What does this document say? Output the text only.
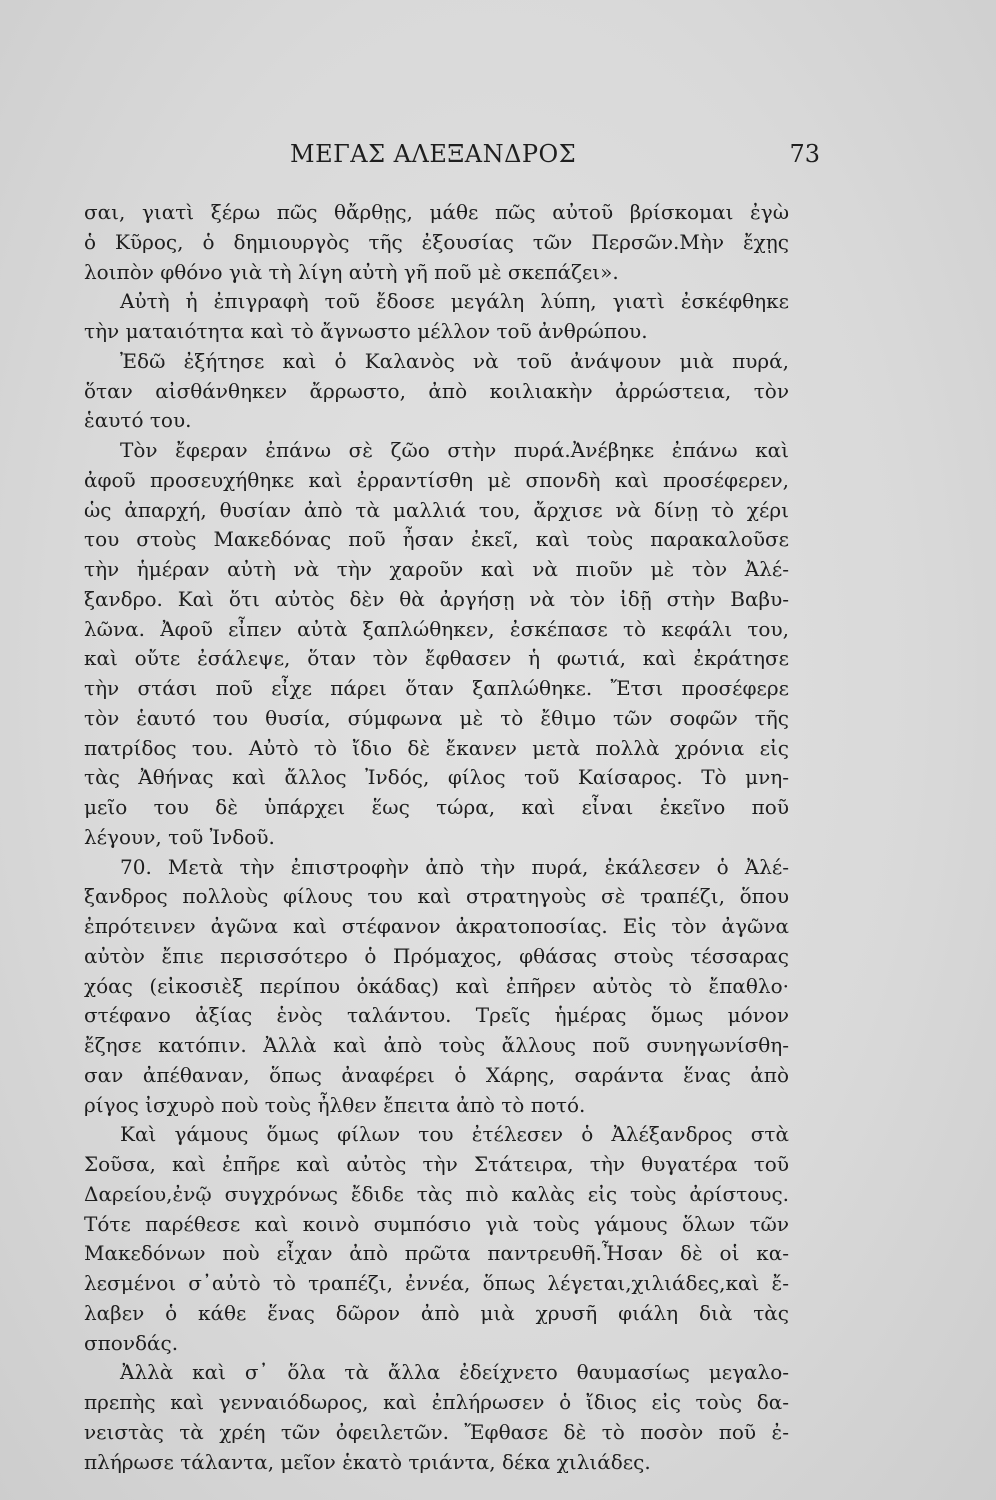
ΜΕΓΑΣ ΑΛΕΞΑΝΔΡΟΣ	73
σαι, γιατὶ ξέρω πῶς θἄρθῃς, μάθε πῶς αὐτοῦ βρίσκομαι ἐγὼ
ὁ Κῦρος, ὁ δημιουργὸς τῆς ἐξουσίας τῶν Περσῶν.Μὴν ἔχῃς
λοιπὸν φθόνο γιὰ τὴ λίγη αὐτὴ γῆ ποῦ μὲ σκεπάζει».
Αὐτὴ ἡ ἐπιγραφὴ τοῦ ἔδοσε μεγάλη λύπη, γιατὶ ἐσκέφθηκε
τὴν ματαιότητα καὶ τὸ ἄγνωστο μέλλον τοῦ ἀνθρώπου.
Ἐδῶ ἐξήτησε καὶ ὁ Καλανὸς νὰ τοῦ ἀνάψουν μιὰ πυρά,
ὅταν αἰσθάνθηκεν ἄρρωστο, ἀπὸ κοιλιακὴν ἀρρώστεια, τὸν
ἑαυτό του.
Τὸν ἔφεραν ἐπάνω σὲ ζῶο στὴν πυρά.Ἀνέβηκε ἐπάνω καὶ
ἀφοῦ προσευχήθηκε καὶ ἐρραντίσθη μὲ σπονδὴ καὶ προσέφερεν,
ὡς ἀπαρχή, θυσίαν ἀπὸ τὰ μαλλιά του, ἄρχισε νὰ δίνῃ τὸ χέρι
του στοὺς Μακεδόνας ποῦ ἦσαν ἐκεῖ, καὶ τοὺς παρακαλοῦσε
τὴν ἡμέραν αὐτὴ νὰ τὴν χαροῦν καὶ νὰ πιοῦν μὲ τὸν Ἀλέ-
ξανδρο. Καὶ ὅτι αὐτὸς δὲν θὰ ἀργήσῃ νὰ τὸν ἰδῇ στὴν Βαβυ-
λῶνα. Ἀφοῦ εἶπεν αὐτὰ ξαπλώθηκεν, ἐσκέπασε τὸ κεφάλι του,
καὶ οὔτε ἐσάλεψε, ὅταν τὸν ἔφθασεν ἡ φωτιά, καὶ ἐκράτησε
τὴν στάσι ποῦ εἶχε πάρει ὅταν ξαπλώθηκε. Ἔτσι προσέφερε
τὸν ἑαυτό του θυσία, σύμφωνα μὲ τὸ ἔθιμο τῶν σοφῶν τῆς
πατρίδος του. Αὐτὸ τὸ ἴδιο δὲ ἔκανεν μετὰ πολλὰ χρόνια εἰς
τὰς Ἀθήνας καὶ ἄλλος Ἰνδός, φίλος τοῦ Καίσαρος. Τὸ μνη-
μεῖο του δὲ ὑπάρχει ἕως τώρα, καὶ εἶναι ἐκεῖνο ποῦ
λέγουν, τοῦ Ἰνδοῦ.
70. Μετὰ τὴν ἐπιστροφὴν ἀπὸ τὴν πυρά, ἐκάλεσεν ὁ Ἀλέ-
ξανδρος πολλοὺς φίλους του καὶ στρατηγοὺς σὲ τραπέζι, ὅπου
ἐπρότεινεν ἀγῶνα καὶ στέφανον ἀκρατοποσίας. Εἰς τὸν ἀγῶνα
αὐτὸν ἔπιε περισσότερο ὁ Πρόμαχος, φθάσας στοὺς τέσσαρας
χόας (εἰκοσιὲξ περίπου ὀκάδας) καὶ ἐπῆρεν αὐτὸς τὸ ἔπαθλο·
στέφανο ἀξίας ἑνὸς ταλάντου. Τρεῖς ἡμέρας ὅμως μόνον
ἔζησε κατόπιν. Ἀλλὰ καὶ ἀπὸ τοὺς ἄλλους ποῦ συνηγωνίσθη-
σαν ἀπέθαναν, ὅπως ἀναφέρει ὁ Χάρης, σαράντα ἕνας ἀπὸ
ρίγος ἰσχυρὸ ποὺ τοὺς ἦλθεν ἔπειτα ἀπὸ τὸ ποτό.
Καὶ γάμους ὅμως φίλων του ἐτέλεσεν ὁ Ἀλέξανδρος στὰ
Σοῦσα, καὶ ἐπῆρε καὶ αὐτὸς τὴν Στάτειρα, τὴν θυγατέρα τοῦ
Δαρείου,ἐνῷ συγχρόνως ἔδιδε τὰς πιὸ καλὰς εἰς τοὺς ἀρίστους.
Τότε παρέθεσε καὶ κοινὸ συμπόσιο γιὰ τοὺς γάμους ὅλων τῶν
Μακεδόνων ποὺ εἶχαν ἀπὸ πρῶτα παντρευθῆ.Ἦσαν δὲ οἱ κα-
λεσμένοι σ᾽αὐτὸ τὸ τραπέζι, ἐννέα, ὅπως λέγεται,χιλιάδες,καὶ ἔ-
λαβεν ὁ κάθε ἕνας δῶρον ἀπὸ μιὰ χρυσῆ φιάλη διὰ τὰς
σπονδάς.
Ἀλλὰ καὶ σ᾽ ὅλα τὰ ἄλλα ἐδείχνετο θαυμασίως μεγαλο-
πρεπὴς καὶ γενναιόδωρος, καὶ ἐπλήρωσεν ὁ ἴδιος εἰς τοὺς δα-
νειστὰς τὰ χρέη τῶν ὀφειλετῶν. Ἔφθασε δὲ τὸ ποσὸν ποῦ ἐ-
πλήρωσε τάλαντα, μεῖον ἑκατὸ τριάντα, δέκα χιλιάδες.
